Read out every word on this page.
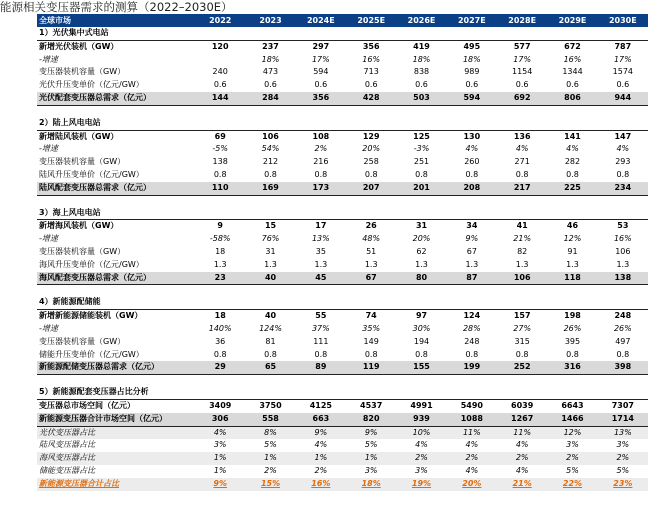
能源相关变压器需求的测算（2022–2030E）
全球市场	2022	2023	2024E	2025E	2026E	2027E	2028E	2029E	2030E
1）光伏集中式电站									
新增光伏装机（GW）	120	237	297	356	419	495	577	672	787
-增速		18%	17%	16%	18%	18%	17%	16%	17%
变压器装机容量（GW）	240	473	594	713	838	989	1154	1344	1574
光伏升压变单价（亿元/GW）	0.6	0.6	0.6	0.6	0.6	0.6	0.6	0.6	0.6
光伏配套变压器总需求（亿元）	144	284	356	428	503	594	692	806	944

2）陆上风电电站									
新增陆风装机（GW）	69	106	108	129	125	130	136	141	147
-增速	-5%	54%	2%	20%	-3%	4%	4%	4%	4%
变压器装机容量（GW）	138	212	216	258	251	260	271	282	293
陆风升压变单价（亿元/GW）	0.8	0.8	0.8	0.8	0.8	0.8	0.8	0.8	0.8
陆风配套变压器总需求（亿元）	110	169	173	207	201	208	217	225	234

3）海上风电电站									
新增海风装机（GW）	9	15	17	26	31	34	41	46	53
-增速	-58%	76%	13%	48%	20%	9%	21%	12%	16%
变压器装机容量（GW）	18	31	35	51	62	67	82	91	106
海风升压变单价（亿元/GW）	1.3	1.3	1.3	1.3	1.3	1.3	1.3	1.3	1.3
海风配套变压器总需求（亿元）	23	40	45	67	80	87	106	118	138

4）新能源配储能									
新增新能源储能装机（GW）	18	40	55	74	97	124	157	198	248
-增速	140%	124%	37%	35%	30%	28%	27%	26%	26%
变压器装机容量（GW）	36	81	111	149	194	248	315	395	497
储能升压变单价（亿元/GW）	0.8	0.8	0.8	0.8	0.8	0.8	0.8	0.8	0.8
新能源配储变压器总需求（亿元）	29	65	89	119	155	199	252	316	398

5）新能源配套变压器占比分析									
变压器总市场空间（亿元）	3409	3750	4125	4537	4991	5490	6039	6643	7307
新能源变压器合计市场空间（亿元）	306	558	663	820	939	1088	1267	1466	1714
光伏变压器占比	4%	8%	9%	9%	10%	11%	11%	12%	13%
陆风变压器占比	3%	5%	4%	5%	4%	4%	4%	3%	3%
海风变压器占比	1%	1%	1%	1%	2%	2%	2%	2%	2%
储能变压器占比	1%	2%	2%	3%	3%	4%	4%	5%	5%
新能源变压器合计占比	9%	15%	16%	18%	19%	20%	21%	22%	23%
